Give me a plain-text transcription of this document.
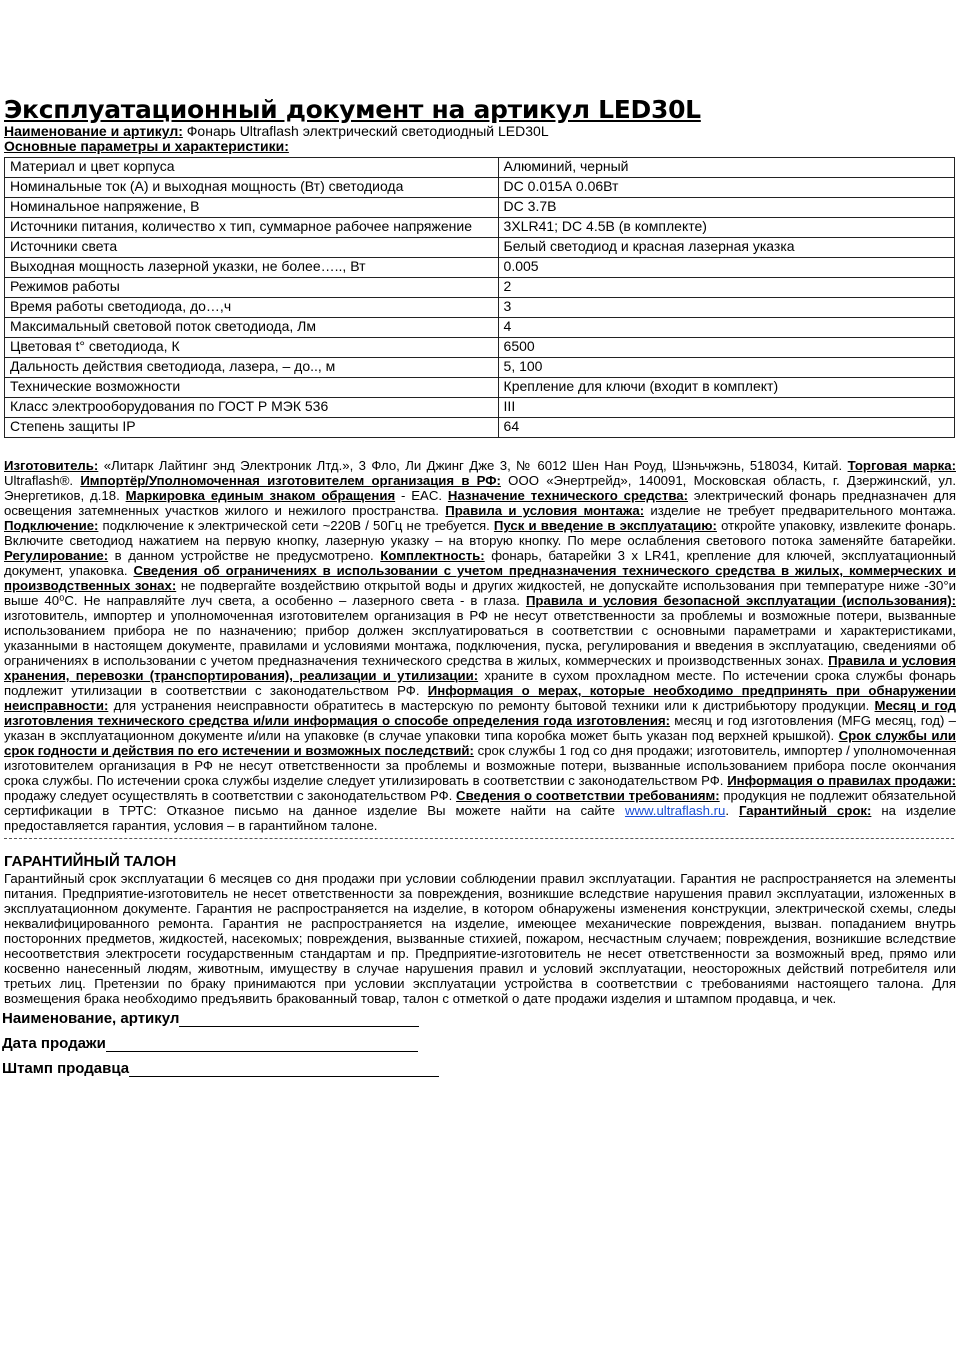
Эксплуатационный документ на артикул LED30L
Наименование и артикул: Фонарь Ultraflash электрический светодиодный LED30L
Основные параметры и характеристики:
Материал и цвет корпуса	Алюминий, черный
Номинальные ток (А) и выходная мощность (Вт) светодиода	DC 0.015А 0.06Вт
Номинальное напряжение, В	DC 3.7В
Источники питания, количество х тип, суммарное рабочее напряжение	3XLR41; DC 4.5В (в комплекте)
Источники света	Белый светодиод и красная лазерная указка
Выходная мощность лазерной указки, не более….., Вт	0.005
Режимов работы	2
Время работы светодиода, до…,ч	3
Максимальный световой поток светодиода, Лм	4
Цветовая t° светодиода, К	6500
Дальность действия светодиода, лазера, – до.., м	5, 100
Технические возможности	Крепление для ключи (входит в комплект)
Класс электрооборудования по ГОСТ Р МЭК 536	III
Степень защиты IP	64
Изготовитель: «Литарк Лайтинг энд Электроник Лтд.», 3 Фло, Ли Джинг Дже 3, № 6012 Шен Нан Роуд, Шэньчжэнь, 518034, Китай. Торговая марка: Ultraflash®. Импортёр/Уполномоченная изготовителем организация в РФ: ООО «Энертрейд», 140091, Московская область, г. Дзержинский, ул. Энергетиков, д.18. Маркировка единым знаком обращения - EAC. Назначение технического средства: электрический фонарь предназначен для освещения затемненных участков жилого и нежилого пространства. Правила и условия монтажа: изделие не требует предварительного монтажа. Подключение: подключение к электрической сети ~220В / 50Гц не требуется. Пуск и введение в эксплуатацию: откройте упаковку, извлеките фонарь. Включите светодиод нажатием на первую кнопку, лазерную указку – на вторую кнопку. По мере ослабления светового потока заменяйте батарейки. Регулирование: в данном устройстве не предусмотрено. Комплектность: фонарь, батарейки 3 х LR41, крепление для ключей, эксплуатационный документ, упаковка. Сведения об ограничениях в использовании с учетом предназначения технического средства в жилых, коммерческих и производственных зонах: не подвергайте воздействию открытой воды и других жидкостей, не допускайте использования при температуре ниже -30°и выше 40⁰С. Не направляйте луч света, а особенно – лазерного света - в глаза. Правила и условия безопасной эксплуатации (использования): изготовитель, импортер и уполномоченная изготовителем организация в РФ не несут ответственности за проблемы и возможные потери, вызванные использованием прибора не по назначению; прибор должен эксплуатироваться в соответствии с основными параметрами и характеристиками, указанными в настоящем документе, правилами и условиями монтажа, подключения, пуска, регулирования и введения в эксплуатацию, сведениями об ограничениях в использовании с учетом предназначения технического средства в жилых, коммерческих и производственных зонах. Правила и условия хранения, перевозки (транспортирования), реализации и утилизации: храните в сухом прохладном месте. По истечении срока службы фонарь подлежит утилизации в соответствии с законодательством РФ. Информация о мерах, которые необходимо предпринять при обнаружении неисправности: для устранения неисправности обратитесь в мастерскую по ремонту бытовой техники или к дистрибьютору продукции. Месяц и год изготовления технического средства и/или информация о способе определения года изготовления: месяц и год изготовления (MFG месяц, год) – указан в эксплуатационном документе и/или на упаковке (в случае упаковки типа коробка может быть указан под верхней крышкой). Срок службы или срок годности и действия по его истечении и возможных последствий: срок службы 1 год со дня продажи; изготовитель, импортер / уполномоченная изготовителем организация в РФ не несут ответственности за проблемы и возможные потери, вызванные использованием прибора после окончания срока службы. По истечении срока службы изделие следует утилизировать в соответствии с законодательством РФ. Информация о правилах продажи: продажу следует осуществлять в соответствии с законодательством РФ. Сведения о соответствии требованиям: продукция не подлежит обязательной сертификации в ТРТС: Отказное письмо на данное изделие Вы можете найти на сайте www.ultraflash.ru. Гарантийный срок: на изделие предоставляется гарантия, условия – в гарантийном талоне.
ГАРАНТИЙНЫЙ ТАЛОН
Гарантийный срок эксплуатации 6 месяцев со дня продажи при условии соблюдении правил эксплуатации. Гарантия не распространяется на элементы питания. Предприятие-изготовитель не несет ответственности за повреждения, возникшие вследствие нарушения правил эксплуатации, изложенных в эксплуатационном документе. Гарантия не распространяется на изделие, в котором обнаружены изменения конструкции, электрической схемы, следы неквалифицированного ремонта. Гарантия не распространяется на изделие, имеющее механические повреждения, вызван. попаданием внутрь посторонних предметов, жидкостей, насекомых; повреждения, вызванные стихией, пожаром, несчастным случаем; повреждения, возникшие вследствие несоответствия электросети государственным стандартам и пр. Предприятие-изготовитель не несет ответственности за возможный вред, прямо или косвенно нанесенный людям, животным, имуществу в случае нарушения правил и условий эксплуатации, неосторожных действий потребителя или третьих лиц. Претензии по браку принимаются при условии эксплуатации устройства в соответствии с требованиями настоящего талона. Для возмещения брака необходимо предъявить бракованный товар, талон с отметкой о дате продажи изделия и штампом продавца, и чек.
Наименование, артикул
Дата продажи
Штамп продавца
